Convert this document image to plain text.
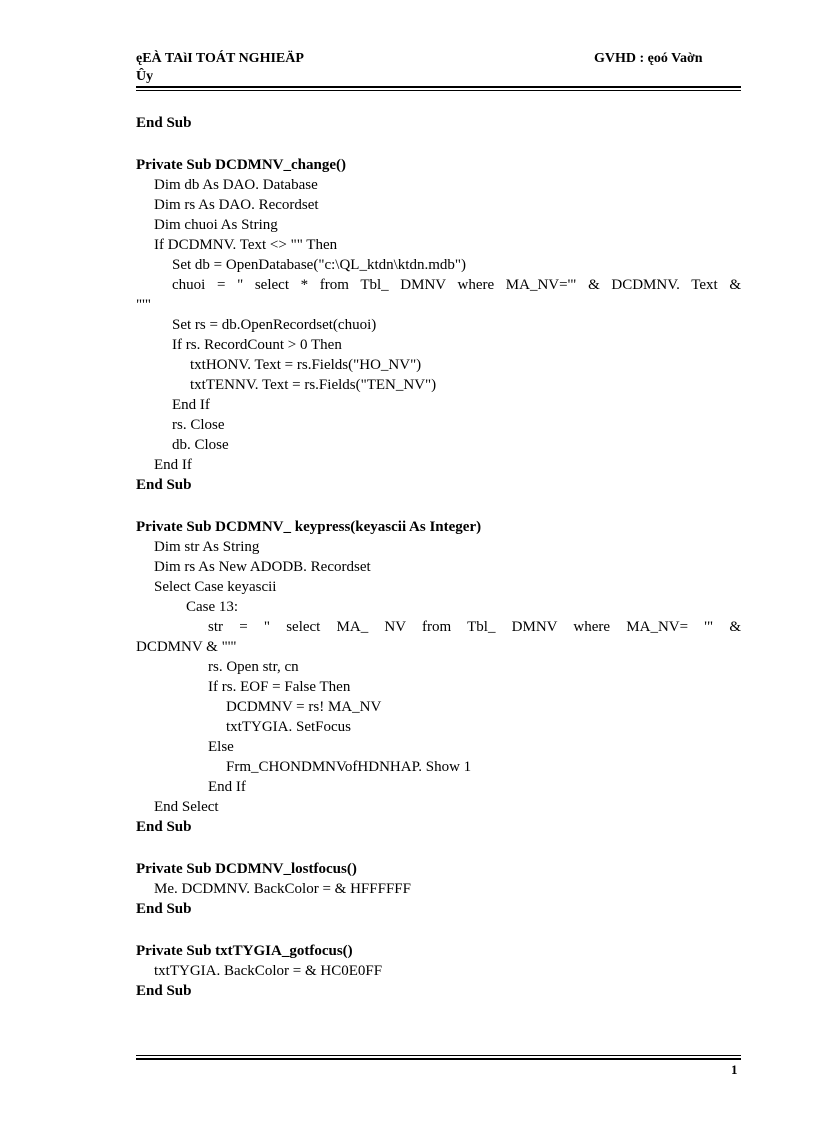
ęEÀ TAìI TOÁT NGHIEÄP
Ûy
GVHD : ęoó Vaờn
End Sub
Private Sub DCDMNV_change()
Dim db As DAO. Database
Dim rs As DAO. Recordset
Dim chuoi As String
If DCDMNV. Text <> "" Then
Set db = OpenDatabase("c:\QL_ktdn\ktdn.mdb")
chuoi = " select * from Tbl_ DMNV where MA_NV='" & DCDMNV. Text &
"'"
Set rs = db.OpenRecordset(chuoi)
If rs. RecordCount > 0 Then
txtHONV. Text = rs.Fields("HO_NV")
txtTENNV. Text = rs.Fields("TEN_NV")
End If
rs. Close
db. Close
End If
End Sub
Private Sub DCDMNV_ keypress(keyascii As Integer)
Dim str As String
Dim rs As New ADODB. Recordset
Select Case keyascii
Case 13:
str = " select MA_ NV from Tbl_ DMNV where MA_NV= '" &
DCDMNV & "'"
rs. Open str, cn
If rs. EOF = False Then
DCDMNV = rs! MA_NV
txtTYGIA. SetFocus
Else
Frm_CHONDMNVofHDNHAP. Show 1
End If
End Select
End Sub
Private Sub DCDMNV_lostfocus()
Me. DCDMNV. BackColor = & HFFFFFF
End Sub
Private Sub txtTYGIA_gotfocus()
txtTYGIA. BackColor = & HC0E0FF
End Sub
1
